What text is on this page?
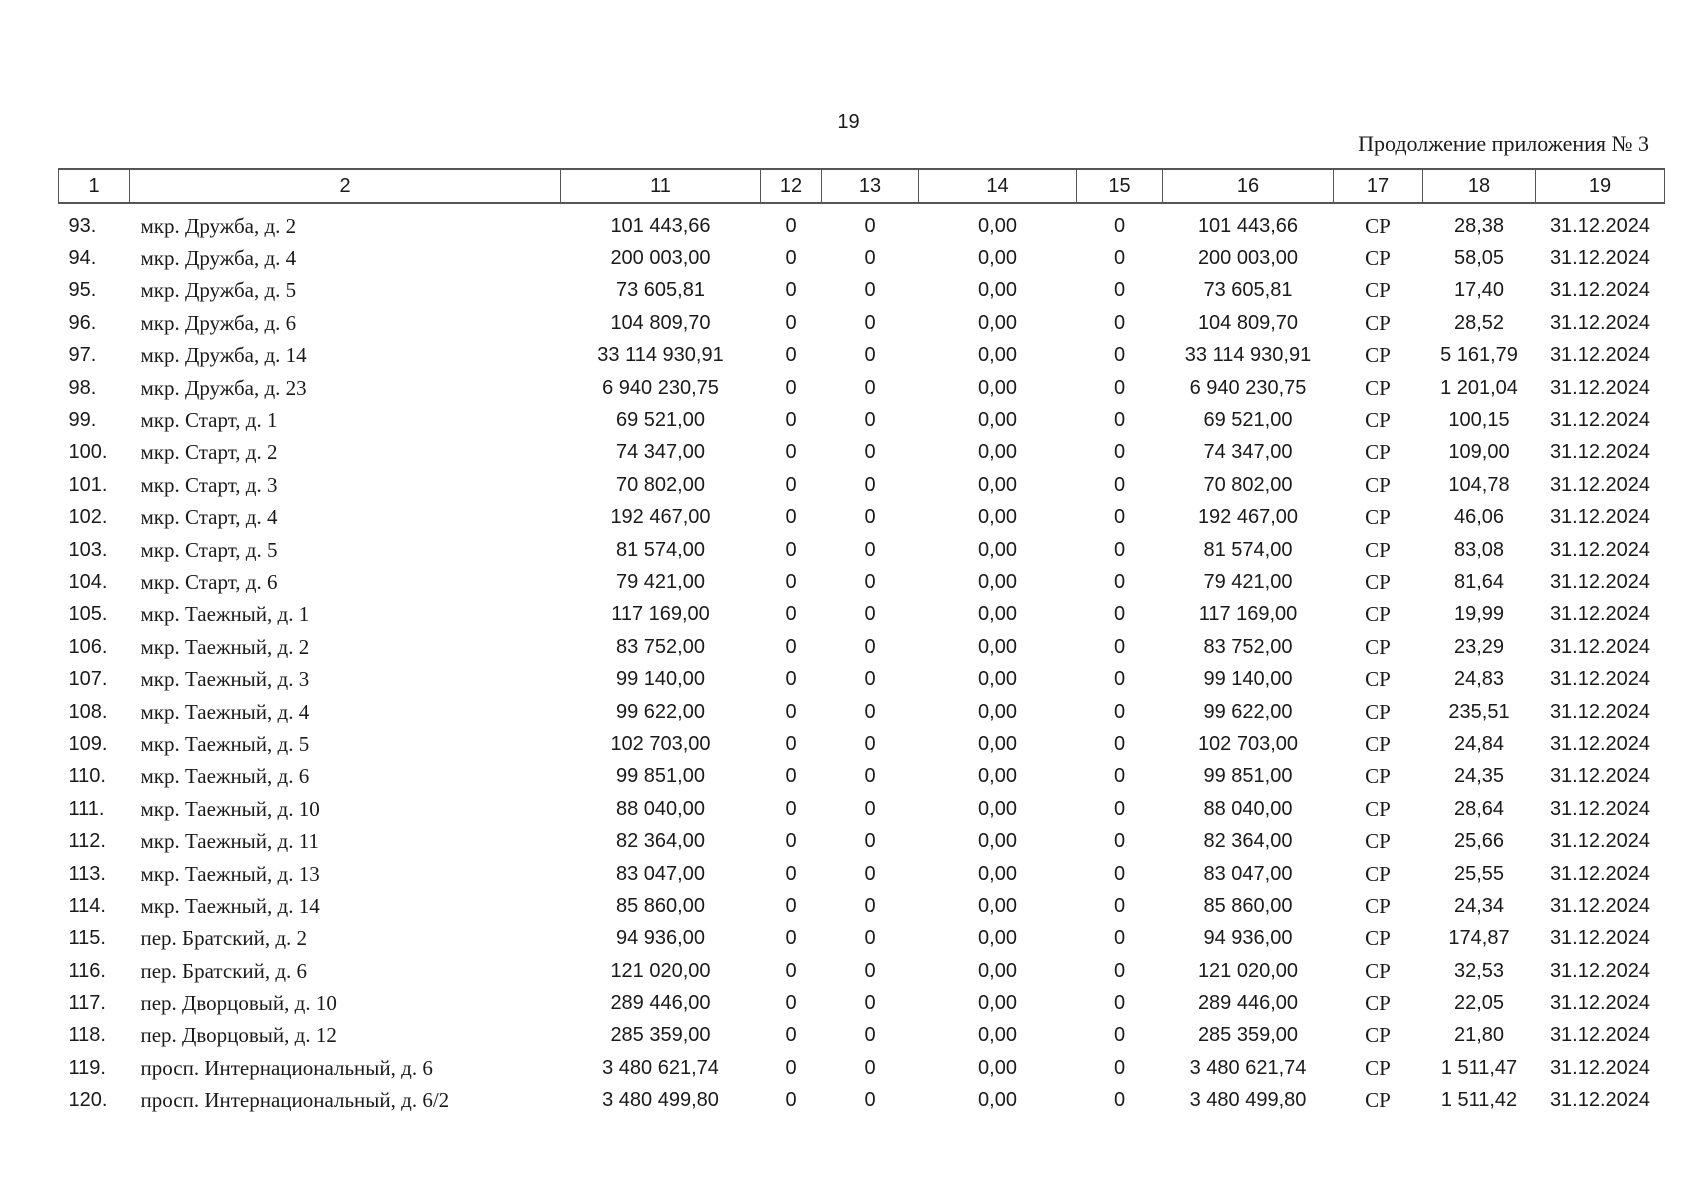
19
Продолжение приложения № 3
1	2	11	12	13	14	15	16	17	18	19
93.	мкр. Дружба, д. 2	101 443,66	0	0	0,00	0	101 443,66	СР	28,38	31.12.2024
94.	мкр. Дружба, д. 4	200 003,00	0	0	0,00	0	200 003,00	СР	58,05	31.12.2024
95.	мкр. Дружба, д. 5	73 605,81	0	0	0,00	0	73 605,81	СР	17,40	31.12.2024
96.	мкр. Дружба, д. 6	104 809,70	0	0	0,00	0	104 809,70	СР	28,52	31.12.2024
97.	мкр. Дружба, д. 14	33 114 930,91	0	0	0,00	0	33 114 930,91	СР	5 161,79	31.12.2024
98.	мкр. Дружба, д. 23	6 940 230,75	0	0	0,00	0	6 940 230,75	СР	1 201,04	31.12.2024
99.	мкр. Старт, д. 1	69 521,00	0	0	0,00	0	69 521,00	СР	100,15	31.12.2024
100.	мкр. Старт, д. 2	74 347,00	0	0	0,00	0	74 347,00	СР	109,00	31.12.2024
101.	мкр. Старт, д. 3	70 802,00	0	0	0,00	0	70 802,00	СР	104,78	31.12.2024
102.	мкр. Старт, д. 4	192 467,00	0	0	0,00	0	192 467,00	СР	46,06	31.12.2024
103.	мкр. Старт, д. 5	81 574,00	0	0	0,00	0	81 574,00	СР	83,08	31.12.2024
104.	мкр. Старт, д. 6	79 421,00	0	0	0,00	0	79 421,00	СР	81,64	31.12.2024
105.	мкр. Таежный, д. 1	117 169,00	0	0	0,00	0	117 169,00	СР	19,99	31.12.2024
106.	мкр. Таежный, д. 2	83 752,00	0	0	0,00	0	83 752,00	СР	23,29	31.12.2024
107.	мкр. Таежный, д. 3	99 140,00	0	0	0,00	0	99 140,00	СР	24,83	31.12.2024
108.	мкр. Таежный, д. 4	99 622,00	0	0	0,00	0	99 622,00	СР	235,51	31.12.2024
109.	мкр. Таежный, д. 5	102 703,00	0	0	0,00	0	102 703,00	СР	24,84	31.12.2024
110.	мкр. Таежный, д. 6	99 851,00	0	0	0,00	0	99 851,00	СР	24,35	31.12.2024
111.	мкр. Таежный, д. 10	88 040,00	0	0	0,00	0	88 040,00	СР	28,64	31.12.2024
112.	мкр. Таежный, д. 11	82 364,00	0	0	0,00	0	82 364,00	СР	25,66	31.12.2024
113.	мкр. Таежный, д. 13	83 047,00	0	0	0,00	0	83 047,00	СР	25,55	31.12.2024
114.	мкр. Таежный, д. 14	85 860,00	0	0	0,00	0	85 860,00	СР	24,34	31.12.2024
115.	пер. Братский, д. 2	94 936,00	0	0	0,00	0	94 936,00	СР	174,87	31.12.2024
116.	пер. Братский, д. 6	121 020,00	0	0	0,00	0	121 020,00	СР	32,53	31.12.2024
117.	пер. Дворцовый, д. 10	289 446,00	0	0	0,00	0	289 446,00	СР	22,05	31.12.2024
118.	пер. Дворцовый, д. 12	285 359,00	0	0	0,00	0	285 359,00	СР	21,80	31.12.2024
119.	просп. Интернациональный, д. 6	3 480 621,74	0	0	0,00	0	3 480 621,74	СР	1 511,47	31.12.2024
120.	просп. Интернациональный, д. 6/2	3 480 499,80	0	0	0,00	0	3 480 499,80	СР	1 511,42	31.12.2024
